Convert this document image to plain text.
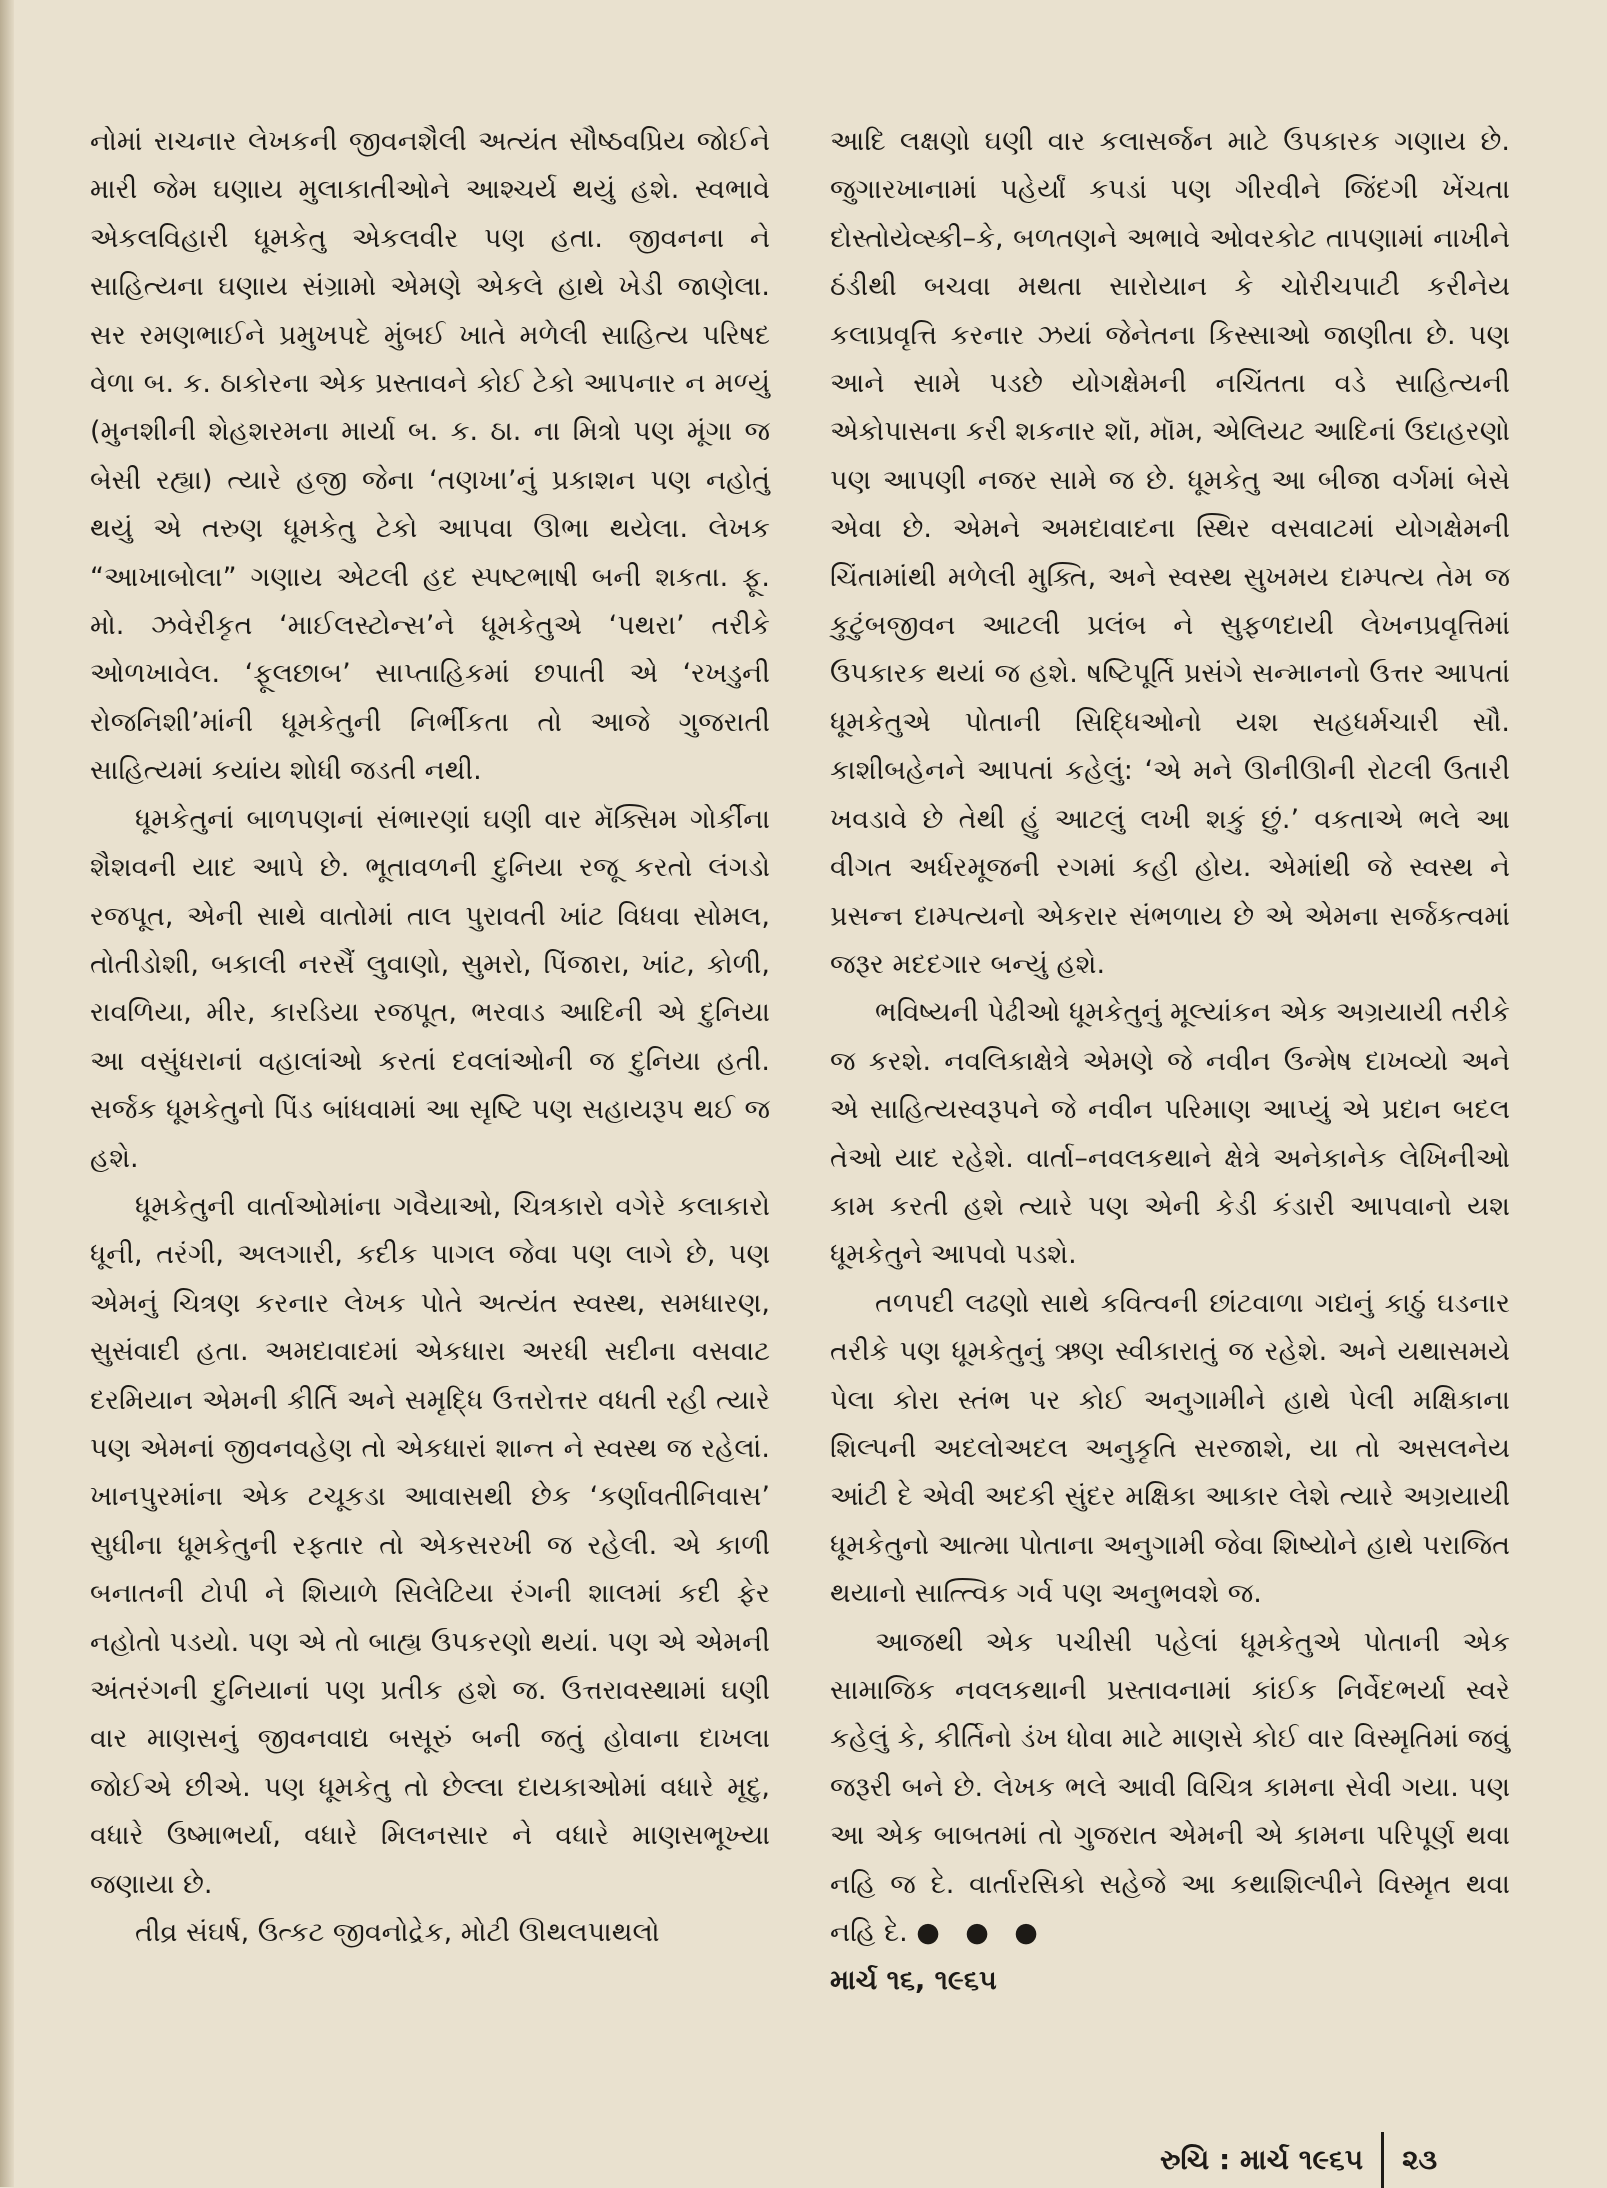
નોમાં રાચનાર લેખકની જીવનશૈલી અત્યંત સૌષ્ઠવપ્રિય જોઈને મારી જેમ ઘણાય મુલાકાતીઓને આશ્ચર્ય થયું હશે. સ્વભાવે એકલવિહારી ધૂમકેતુ એકલવીર પણ હતા. જીવનના ને સાહિત્યના ઘણાય સંગ્રામો એમણે એકલે હાથે ખેડી જાણેલા. સર રમણભાઈને પ્રમુખપદે મુંબઈ ખાતે મળેલી સાહિત્ય પરિષદ વેળા બ. ક. ઠાકોરના એક પ્રસ્તાવને કોઈ ટેકો આપનાર ન મળ્યું (મુનશીની શેહશરમના માર્યા બ. ક. ઠા. ના મિત્રો પણ મૂંગા જ બેસી રહ્યા) ત્યારે હજી જેના ‘તણખા’નું પ્રકાશન પણ નહોતું થયું એ તરુણ ધૂમકેતુ ટેકો આપવા ઊભા થયેલા. લેખક “આખાબોલા” ગણાય એટલી હદ સ્પષ્ટભાષી બની શકતા. ફૂ. મો. ઝવેરીકૃત ‘માઈલસ્ટોન્સ’ને ધૂમકેતુએ ‘પથરા’ તરીકે ઓળખાવેલ. ‘ફૂલછાબ’ સાપ્તાહિકમાં છપાતી એ ‘રખડુની રોજનિશી’માંની ધૂમકેતુની નિર્ભીકતા તો આજે ગુજરાતી સાહિત્યમાં કયાંય શોધી જડતી નથી.

ધૂમકેતુનાં બાળપણનાં સંભારણાં ઘણી વાર મૅક્સિમ ગોર્કીના શૈશવની યાદ આપે છે. ભૂતાવળની દુનિયા રજૂ કરતો લંગડો રજપૂત, એની સાથે વાતોમાં તાલ પુરાવતી ખાંટ વિધવા સોમલ, તોતીડોશી, બકાલી નરસૈં લુવાણો, સુમરો, પિંજારા, ખાંટ, કોળી, રાવળિયા, મીર, કારડિયા રજપૂત, ભરવાડ આદિની એ દુનિયા આ વસુંધરાનાં વહાલાંઓ કરતાં દવલાંઓની જ દુનિયા હતી. સર્જક ધૂમકેતુનો પિંડ બાંધવામાં આ સૃષ્ટિ પણ સહાયરૂપ થઈ જ હશે.

ધૂમકેતુની વાર્તાઓમાંના ગવૈયાઓ, ચિત્રકારો વગેરે કલાકારો ધૂની, તરંગી, અલગારી, કદીક પાગલ જેવા પણ લાગે છે, પણ એમનું ચિત્રણ કરનાર લેખક પોતે અત્યંત સ્વસ્થ, સમધારણ, સુસંવાદી હતા. અમદાવાદમાં એકધારા અરધી સદીના વસવાટ દરમિયાન એમની કીર્તિ અને સમૃદ્ધિ ઉત્તરોત્તર વધતી રહી ત્યારે પણ એમનાં જીવનવહેણ તો એકધારાં શાન્ત ને સ્વસ્થ જ રહેલાં. ખાનપુરમાંના એક ટચૂકડા આવાસથી છેક ‘કર્ણાવતીનિવાસ’ સુધીના ધૂમકેતુની રફતાર તો એકસરખી જ રહેલી. એ કાળી બનાતની ટોપી ને શિયાળે સિલેટિયા રંગની શાલમાં કદી ફેર નહોતો પડયો. પણ એ તો બાહ્ય ઉપકરણો થયાં. પણ એ એમની અંતરંગની દુનિયાનાં પણ પ્રતીક હશે જ. ઉત્તરાવસ્થામાં ઘણી વાર માણસનું જીવનવાદ્ય બસૂરું બની જતું હોવાના દાખલા જોઈએ છીએ. પણ ધૂમકેતુ તો છેલ્લા દાયકાઓમાં વધારે મૃદુ, વધારે ઉષ્માભર્યા, વધારે મિલનસાર ને વધારે માણસભૂખ્યા જણાયા છે.

તીવ્ર સંઘર્ષ, ઉત્કટ જીવનોદ્રેક, મોટી ઊથલપાથલો

આદિ લક્ષણો ઘણી વાર કલાસર્જન માટે ઉપકારક ગણાય છે. જુગારખાનામાં પહેર્યાં કપડાં પણ ગીરવીને જિંદગી ખેંચતા દોસ્તોયેવ્સ્કી–કે, બળતણને અભાવે ઓવરકોટ તાપણામાં નાખીને ઠંડીથી બચવા મથતા સારોયાન કે ચોરીચપાટી કરીનેય કલાપ્રવૃત્તિ કરનાર ઝયાં જેનેતના કિસ્સાઓ જાણીતા છે. પણ આને સામે પડછે યોગક્ષેમની નચિંતતા વડે સાહિત્યની એકોપાસના કરી શકનાર શૉ, મૉમ, એલિયટ આદિનાં ઉદાહરણો પણ આપણી નજર સામે જ છે. ધૂમકેતુ આ બીજા વર્ગમાં બેસે એવા છે. એમને અમદાવાદના સ્થિર વસવાટમાં યોગક્ષેમની ચિંતામાંથી મળેલી મુક્તિ, અને સ્વસ્થ સુખમય દામ્પત્ય તેમ જ કુટુંબજીવન આટલી પ્રલંબ ને સુફળદાયી લેખનપ્રવૃત્તિમાં ઉપકારક થયાં જ હશે. ષષ્ટિપૂર્તિ પ્રસંગે સન્માનનો ઉત્તર આપતાં ધૂમકેતુએ પોતાની સિદ્ધિઓનો યશ સહધર્મચારી સૌ. કાશીબહેનને આપતાં કહેલું: ‘એ મને ઊનીઊની રોટલી ઉતારી ખવડાવે છે તેથી હું આટલું લખી શકું છું.’ વકતાએ ભલે આ વીગત અર્ધરમૂજની રગમાં કહી હોય. એમાંથી જે સ્વસ્થ ને પ્રસન્ન દામ્પત્યનો એકરાર સંભળાય છે એ એમના સર્જકત્વમાં જરૂર મદદગાર બન્યું હશે.

ભવિષ્યની પેઢીઓ ધૂમકેતુનું મૂલ્યાંકન એક અગ્રયાયી તરીકે જ કરશે. નવલિકાક્ષેત્રે એમણે જે નવીન ઉન્મેષ દાખવ્યો અને એ સાહિત્યસ્વરૂપને જે નવીન પરિમાણ આપ્યું એ પ્રદાન બદલ તેઓ યાદ રહેશે. વાર્તા–નવલકથાને ક્ષેત્રે અનેકાનેક લેખિનીઓ કામ કરતી હશે ત્યારે પણ એની કેડી કંડારી આપવાનો યશ ધૂમકેતુને આપવો પડશે.

તળપદી લઢણો સાથે કવિત્વની છાંટવાળા ગદ્યનું કાઠું ઘડનાર તરીકે પણ ધૂમકેતુનું ઋણ સ્વીકારાતું જ રહેશે. અને યથાસમયે પેલા કોરા સ્તંભ પર કોઈ અનુગામીને હાથે પેલી મક્ષિકાના શિલ્પની અદલોઅદલ અનુકૃતિ સરજાશે, યા તો અસલનેય આંટી દે એવી અદકી સુંદર મક્ષિકા આકાર લેશે ત્યારે અગ્રયાયી ધૂમકેતુનો આત્મા પોતાના અનુગામી જેવા શિષ્યોને હાથે પરાજિત થયાનો સાત્ત્વિક ગર્વ પણ અનુભવશે જ.

આજથી એક પચીસી પહેલાં ધૂમકેતુએ પોતાની એક સામાજિક નવલકથાની પ્રસ્તાવનામાં કાંઈક નિર્વેદભર્યા સ્વરે કહેલું કે, કીર્તિનો ડંખ ધોવા માટે માણસે કોઈ વાર વિસ્મૃતિમાં જવું જરૂરી બને છે. લેખક ભલે આવી વિચિત્ર કામના સેવી ગયા. પણ આ એક બાબતમાં તો ગુજરાત એમની એ કામના પરિપૂર્ણ થવા નહિ જ દે. વાર્તારસિકો સહેજે આ કથાશિલ્પીને વિસ્મૃત થવા નહિ દે. ● ● ●

માર્ચ ૧૬, ૧૯૬૫

રુચિ : માર્ચ ૧૯૬૫ ૨૩
